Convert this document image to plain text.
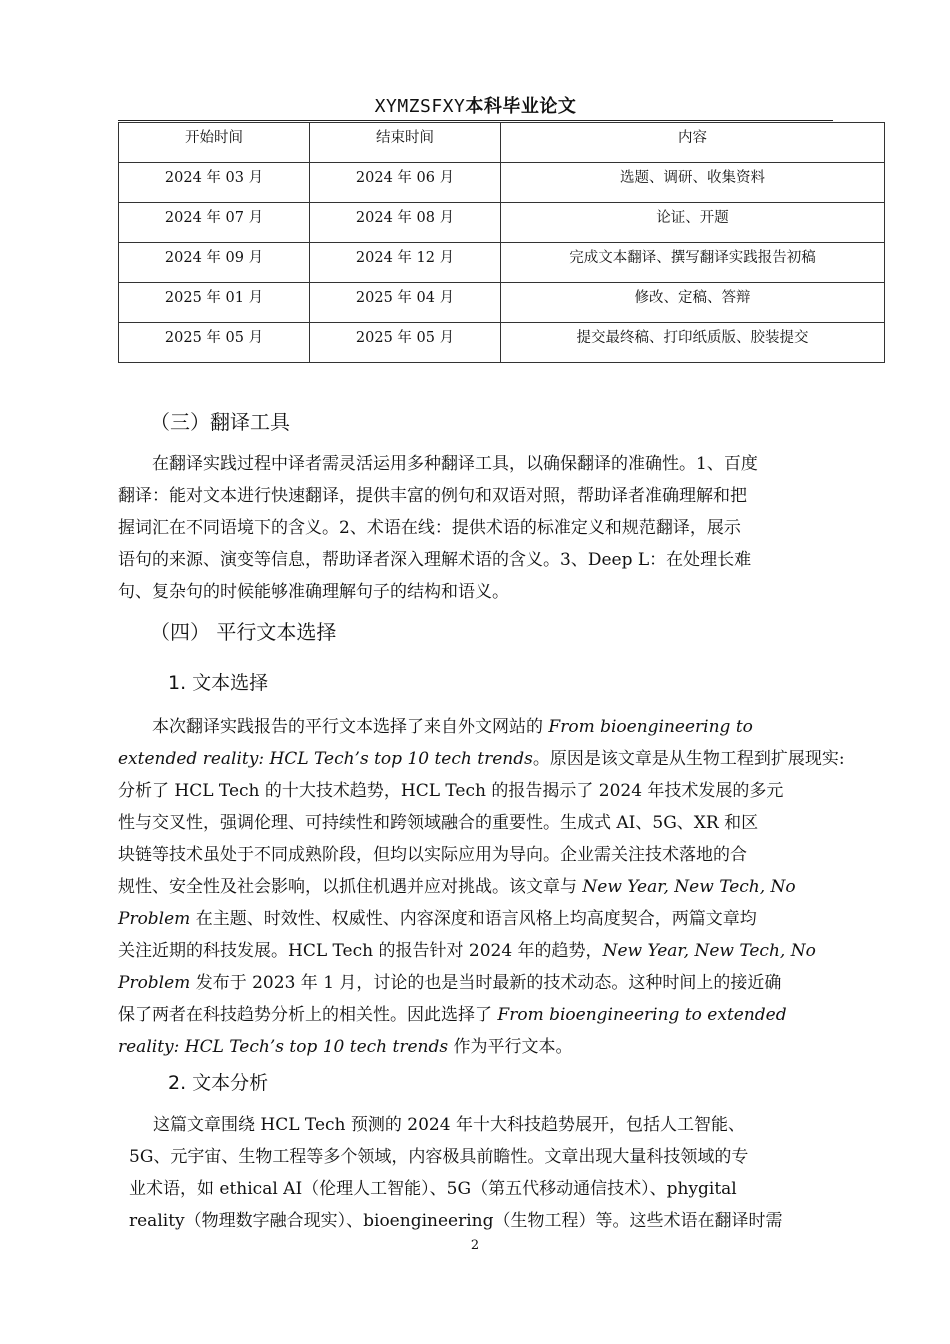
XYMZSFXY本科毕业论文
开始时间	结束时间	内容
2024 年 03 月	2024 年 06 月	选题、调研、收集资料
2024 年 07 月	2024 年 08 月	论证、开题
2024 年 09 月	2024 年 12 月	完成文本翻译、撰写翻译实践报告初稿
2025 年 01 月	2025 年 04 月	修改、定稿、答辩
2025 年 05 月	2025 年 05 月	提交最终稿、打印纸质版、胶装提交
（三）翻译工具
在翻译实践过程中译者需灵活运用多种翻译工具，以确保翻译的准确性。1、百度
翻译：能对文本进行快速翻译，提供丰富的例句和双语对照，帮助译者准确理解和把
握词汇在不同语境下的含义。2、术语在线：提供术语的标准定义和规范翻译，展示
语句的来源、演变等信息，帮助译者深入理解术语的含义。3、Deep L：在处理长难
句、复杂句的时候能够准确理解句子的结构和语义。
（四） 平行文本选择
1. 文本选择
本次翻译实践报告的平行文本选择了来自外文网站的 From bioengineering to
extended reality: HCL Tech’s top 10 tech trends。原因是该文章是从生物工程到扩展现实:
分析了 HCL Tech 的十大技术趋势，HCL Tech 的报告揭示了 2024 年技术发展的多元
性与交叉性，强调伦理、可持续性和跨领域融合的重要性。生成式 AI、5G、XR 和区
块链等技术虽处于不同成熟阶段，但均以实际应用为导向。企业需关注技术落地的合
规性、安全性及社会影响，以抓住机遇并应对挑战。该文章与 New Year, New Tech, No
Problem 在主题、时效性、权威性、内容深度和语言风格上均高度契合，两篇文章均
关注近期的科技发展。HCL Tech 的报告针对 2024 年的趋势，New Year, New Tech, No
Problem 发布于 2023 年 1 月，讨论的也是当时最新的技术动态。这种时间上的接近确
保了两者在科技趋势分析上的相关性。因此选择了 From bioengineering to extended
reality: HCL Tech’s top 10 tech trends 作为平行文本。
2. 文本分析
这篇文章围绕 HCL Tech 预测的 2024 年十大科技趋势展开，包括人工智能、
5G、元宇宙、生物工程等多个领域，内容极具前瞻性。文章出现大量科技领域的专
业术语，如 ethical AI（伦理人工智能）、5G（第五代移动通信技术）、phygital
reality（物理数字融合现实）、bioengineering（生物工程）等。这些术语在翻译时需
2
